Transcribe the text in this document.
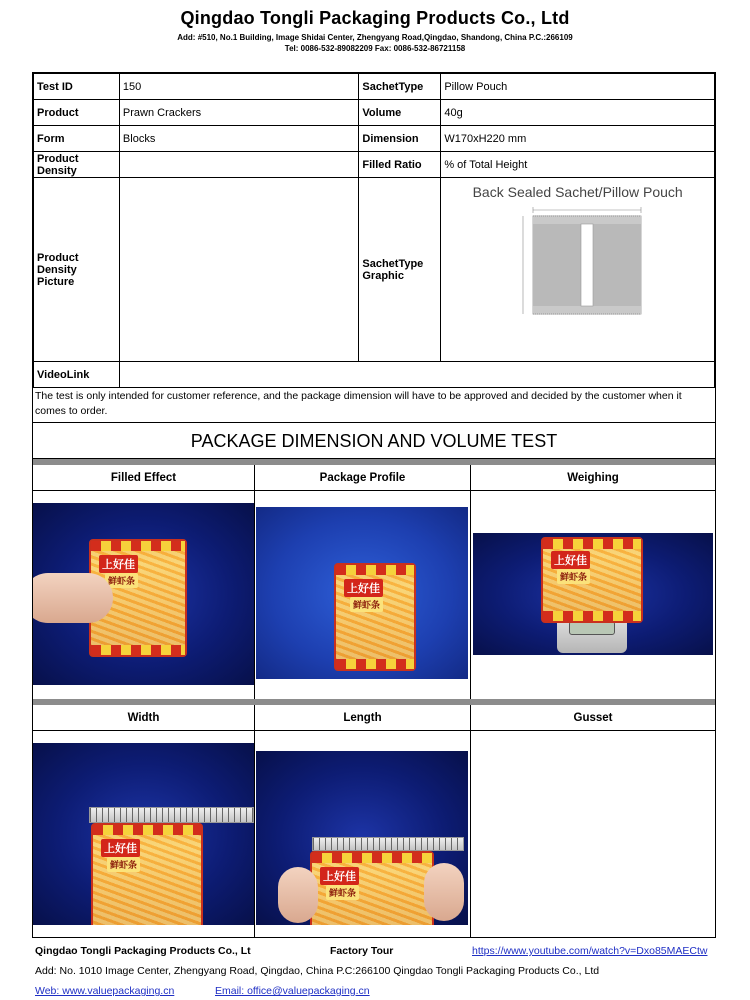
Qingdao Tongli Packaging Products Co., Ltd
Add: #510, No.1 Building, Image Shidai Center, Zhengyang Road,Qingdao, Shandong, China P.C.:266109
Tel: 0086-532-89082209 Fax: 0086-532-86721158
Test ID	150	SachetType	Pillow Pouch
Product	Prawn Crackers	Volume	40g
Form	Blocks	Dimension	W170xH220 mm
Product Density		Filled Ratio	% of Total Height
Product Density Picture		SachetType Graphic	Back Sealed Sachet/Pillow Pouch

VideoLink			
The test is only intended for customer reference, and the package dimension will have to be approved and decided by the customer when it comes to order.
PACKAGE DIMENSION AND VOLUME TEST
Filled Effect
上好佳
鲜虾条
Package Profile
上好佳
鲜虾条
Weighing
上好佳
鲜虾条
Width
上好佳
鲜虾条
Length
上好佳
鲜虾条
Gusset
Qingdao Tongli Packaging Products Co., Lt	Factory Tour	https://www.youtube.com/watch?v=Dxo85MAECtw
Add: No. 1010 Image Center, Zhengyang Road, Qingdao, China P.C:266100 Qingdao Tongli Packaging Products Co., Ltd
Web: www.valuepackaging.cn	Email: office@valuepackaging.cn
